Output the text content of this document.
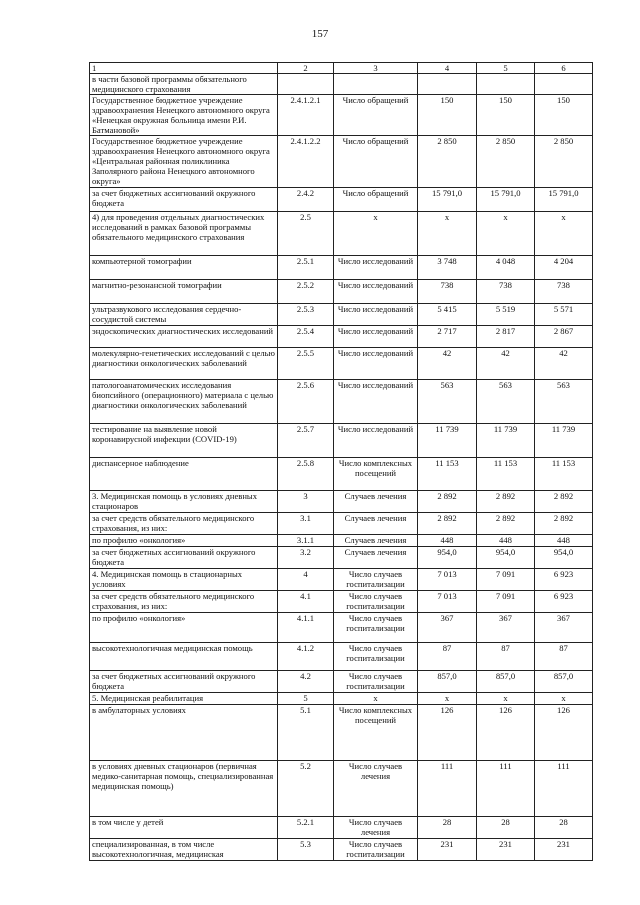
157
1	2	3	4	5	6
в части базовой программы обязательного медицинского страхования					
Государственное бюджетное учреждение здравоохранения Ненецкого автономного округа «Ненецкая окружная больница имени Р.И. Батмановой»	2.4.1.2.1	Число обращений	150	150	150
Государственное бюджетное учреждение здравоохранения Ненецкого автономного округа «Центральная районная поликлиника Заполярного района Ненецкого автономного округа»	2.4.1.2.2	Число обращений	2 850	2 850	2 850
за счет бюджетных ассигнований окружного бюджета	2.4.2	Число обращений	15 791,0	15 791,0	15 791,0
4) для проведения отдельных диагностических исследований в рамках базовой программы обязательного медицинского страхования	2.5	х	х	х	х
компьютерной томографии	2.5.1	Число исследований	3 748	4 048	4 204
магнитно-резонансной томографии	2.5.2	Число исследований	738	738	738
ультразвукового исследования сердечно-сосудистой системы	2.5.3	Число исследований	5 415	5 519	5 571
эндоскопических диагностических исследований	2.5.4	Число исследований	2 717	2 817	2 867
молекулярно-генетических исследований с целью диагностики онкологических заболеваний	2.5.5	Число исследований	42	42	42
патологоанатомических исследования биопсийного (операционного) материала с целью диагностики онкологических заболеваний	2.5.6	Число исследований	563	563	563
тестирование на выявление новой коронавирусной инфекции (COVID-19)	2.5.7	Число исследований	11 739	11 739	11 739
диспансерное наблюдение	2.5.8	Число комплексных посещений	11 153	11 153	11 153
3. Медицинская помощь в условиях дневных стационаров	3	Случаев лечения	2 892	2 892	2 892
за счет средств обязательного медицинского страхования, из них:	3.1	Случаев лечения	2 892	2 892	2 892
по профилю «онкология»	3.1.1	Случаев лечения	448	448	448
за счет бюджетных ассигнований окружного бюджета	3.2	Случаев лечения	954,0	954,0	954,0
4. Медицинская помощь в стационарных условиях	4	Число случаев госпитализации	7 013	7 091	6 923
за счет средств обязательного медицинского страхования, из них:	4.1	Число случаев госпитализации	7 013	7 091	6 923
по профилю «онкология»	4.1.1	Число случаев госпитализации	367	367	367
высокотехнологичная медицинская помощь	4.1.2	Число случаев госпитализации	87	87	87
за счет бюджетных ассигнований окружного бюджета	4.2	Число случаев госпитализации	857,0	857,0	857,0
5. Медицинская реабилитация	5	х	х	х	х
в амбулаторных условиях	5.1	Число комплексных посещений	126	126	126
в условиях дневных стационаров (первичная медико-санитарная помощь, специализированная медицинская помощь)	5.2	Число случаев лечения	111	111	111
в том числе у детей	5.2.1	Число случаев лечения	28	28	28
специализированная, в том числе высокотехнологичная, медицинская	5.3	Число случаев госпитализации	231	231	231
